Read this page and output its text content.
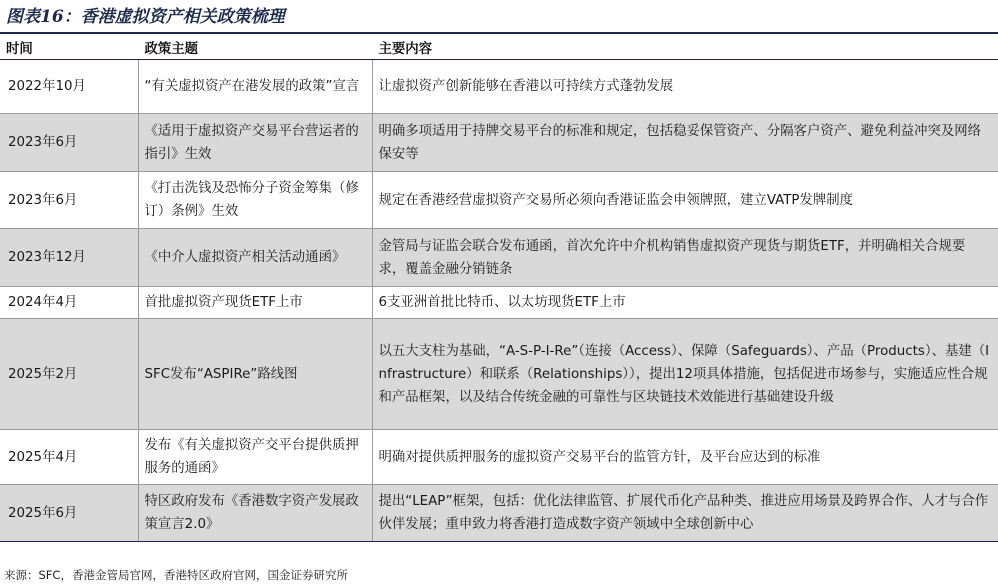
图表16：香港虚拟资产相关政策梳理
时间	政策主题	主要内容
2022年10月	“有关虚拟资产在港发展的政策”宣言	让虚拟资产创新能够在香港以可持续方式蓬勃发展
2023年6月	《适用于虚拟资产交易平台营运者的指引》生效	明确多项适用于持牌交易平台的标准和规定，包括稳妥保管资产、分隔客户资产、避免利益冲突及网络保安等
2023年6月	《打击洗钱及恐怖分子资金筹集（修订）条例》生效	规定在香港经营虚拟资产交易所必须向香港证监会申领牌照，建立VATP发牌制度
2023年12月	《中介人虚拟资产相关活动通函》	金管局与证监会联合发布通函，首次允许中介机构销售虚拟资产现货与期货ETF，并明确相关合规要求，覆盖金融分销链条
2024年4月	首批虚拟资产现货ETF上市	6支亚洲首批比特币、以太坊现货ETF上市
2025年2月	SFC发布“ASPIRe”路线图	以五大支柱为基础，“A-S-P-I-Re”（连接（Access）、保障（Safeguards）、产品（Products）、基建（Infrastructure）和联系（Relationships）），提出12项具体措施，包括促进市场参与，实施适应性合规和产品框架，以及结合传统金融的可靠性与区块链技术效能进行基础建设升级
2025年4月	发布《有关虚拟资产交平台提供质押服务的通函》	明确对提供质押服务的虚拟资产交易平台的监管方针，及平台应达到的标准
2025年6月	特区政府发布《香港数字资产发展政策宣言2.0》	提出“LEAP”框架，包括：优化法律监管、扩展代币化产品种类、推进应用场景及跨界合作、人才与合作伙伴发展；重申致力将香港打造成数字资产领域中全球创新中心
来源：SFC，香港金管局官网，香港特区政府官网，国金证券研究所
